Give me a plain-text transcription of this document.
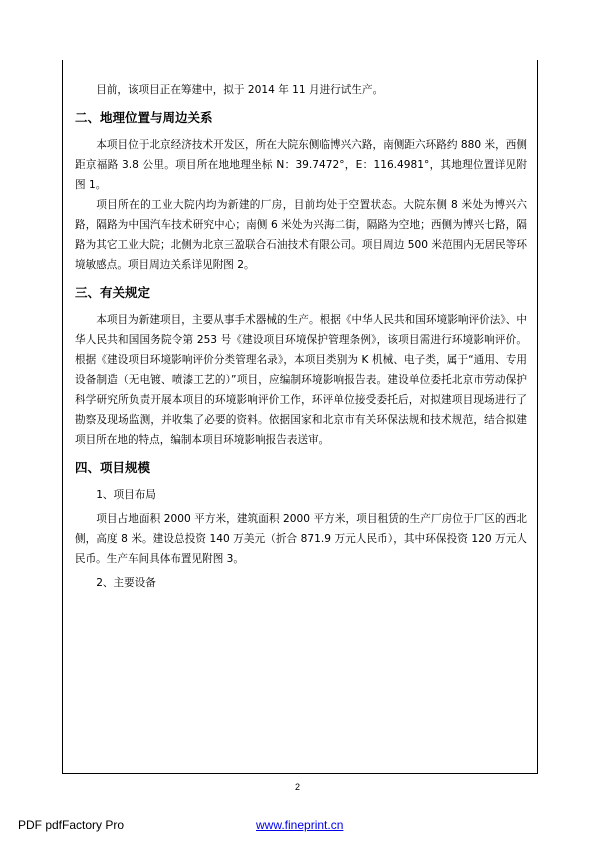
目前，该项目正在筹建中，拟于 2014 年 11 月进行试生产。

二、地理位置与周边关系

本项目位于北京经济技术开发区，所在大院东侧临博兴六路，南侧距六环路约 880 米，西侧距京福路 3.8 公里。项目所在地地理坐标 N：39.7472°，E：116.4981°，其地理位置详见附图 1。

项目所在的工业大院内均为新建的厂房，目前均处于空置状态。大院东侧 8 米处为博兴六路，隔路为中国汽车技术研究中心；南侧 6 米处为兴海二街，隔路为空地；西侧为博兴七路，隔路为其它工业大院；北侧为北京三盈联合石油技术有限公司。项目周边 500 米范围内无居民等环境敏感点。项目周边关系详见附图 2。

三、有关规定

本项目为新建项目，主要从事手术器械的生产。根据《中华人民共和国环境影响评价法》、中华人民共和国国务院令第 253 号《建设项目环境保护管理条例》，该项目需进行环境影响评价。根据《建设项目环境影响评价分类管理名录》，本项目类别为 K 机械、电子类，属于“通用、专用设备制造（无电镀、喷漆工艺的）”项目，应编制环境影响报告表。建设单位委托北京市劳动保护科学研究所负责开展本项目的环境影响评价工作，环评单位接受委托后，对拟建项目现场进行了勘察及现场监测，并收集了必要的资料。依据国家和北京市有关环保法规和技术规范，结合拟建项目所在地的特点，编制本项目环境影响报告表送审。

四、项目规模

1、项目布局

项目占地面积 2000 平方米，建筑面积 2000 平方米，项目租赁的生产厂房位于厂区的西北侧，高度 8 米。建设总投资 140 万美元（折合 871.9 万元人民币），其中环保投资 120 万元人民币。生产车间具体布置见附图 3。

2、主要设备

2
PDF pdfFactory Pro	www.fineprint.cn
